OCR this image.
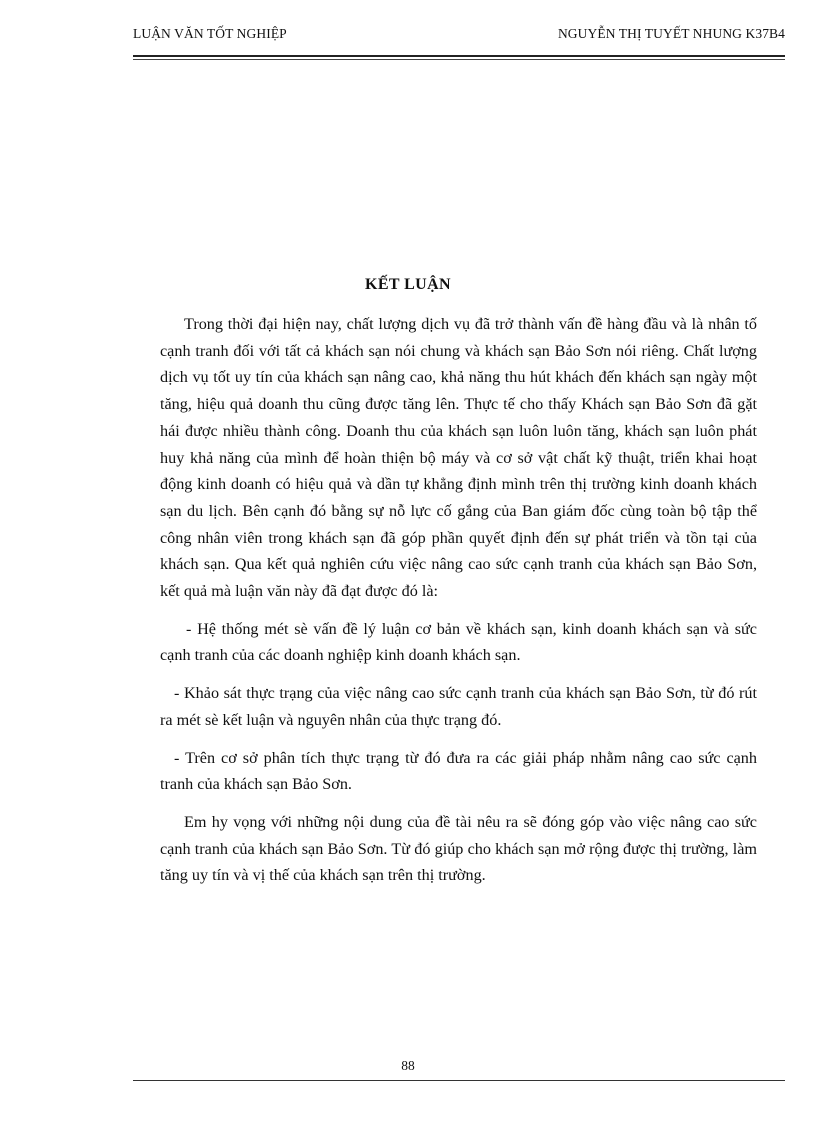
LUẬN VĂN TỐT NGHIỆP	NGUYỄN THỊ TUYẾT NHUNG K37B4
KẾT LUẬN

Trong thời đại hiện nay, chất lượng dịch vụ đã trở thành vấn đề hàng đầu và là nhân tố cạnh tranh đối với tất cả khách sạn nói chung và khách sạn Bảo Sơn nói riêng. Chất lượng dịch vụ tốt uy tín của khách sạn nâng cao, khả năng thu hút khách đến khách sạn ngày một tăng, hiệu quả doanh thu cũng được tăng lên. Thực tế cho thấy Khách sạn Bảo Sơn đã gặt hái được nhiều thành công. Doanh thu của khách sạn luôn luôn tăng, khách sạn luôn phát huy khả năng của mình để hoàn thiện bộ máy và cơ sở vật chất kỹ thuật, triển khai hoạt động kinh doanh có hiệu quả và dần tự khẳng định mình trên thị trường kinh doanh khách sạn du lịch. Bên cạnh đó bằng sự nỗ lực cố gắng của Ban giám đốc cùng toàn bộ tập thể công nhân viên trong khách sạn đã góp phần quyết định đến sự phát triển và tồn tại của khách sạn. Qua kết quả nghiên cứu việc nâng cao sức cạnh tranh của khách sạn Bảo Sơn, kết quả mà luận văn này đã đạt được đó là:

- Hệ thống mét sè vấn đề lý luận cơ bản về khách sạn, kinh doanh khách sạn và sức cạnh tranh của các doanh nghiệp kinh doanh khách sạn.

- Khảo sát thực trạng của việc nâng cao sức cạnh tranh của khách sạn Bảo Sơn, từ đó rút ra mét sè kết luận và nguyên nhân của thực trạng đó.

- Trên cơ sở phân tích thực trạng từ đó đưa ra các giải pháp nhằm nâng cao sức cạnh tranh của khách sạn Bảo Sơn.

Em hy vọng với những nội dung của đề tài nêu ra sẽ đóng góp vào việc nâng cao sức cạnh tranh của khách sạn Bảo Sơn. Từ đó giúp cho khách sạn mở rộng được thị trường, làm tăng uy tín và vị thế của khách sạn trên thị trường.

88
